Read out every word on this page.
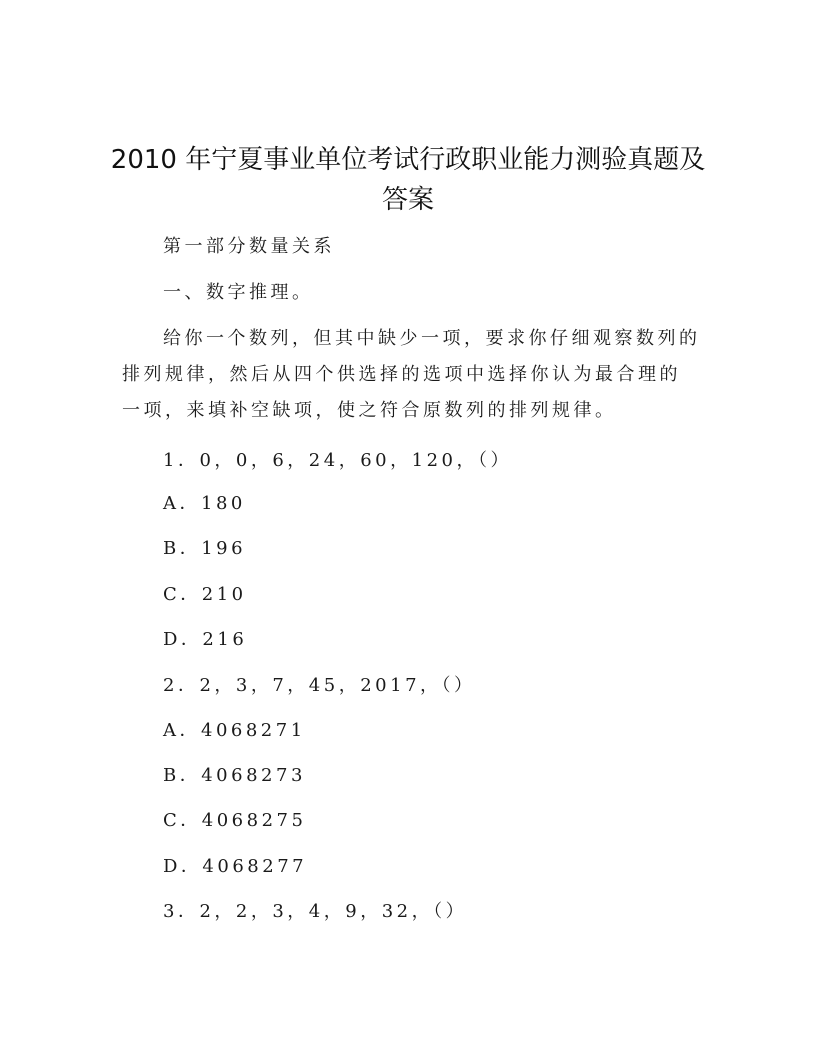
2010 年宁夏事业单位考试行政职业能力测验真题及答案

第一部分数量关系

一、数字推理。

给你一个数列，但其中缺少一项，要求你仔细观察数列的排列规律，然后从四个供选择的选项中选择你认为最合理的一项，来填补空缺项，使之符合原数列的排列规律。

1．0，0，6，24，60，120，（）

A．180

B．196

C．210

D．216

2．2，3，7，45，2017，（）

A．4068271

B．4068273

C．4068275

D．4068277

3．2，2，3，4，9，32，（）
